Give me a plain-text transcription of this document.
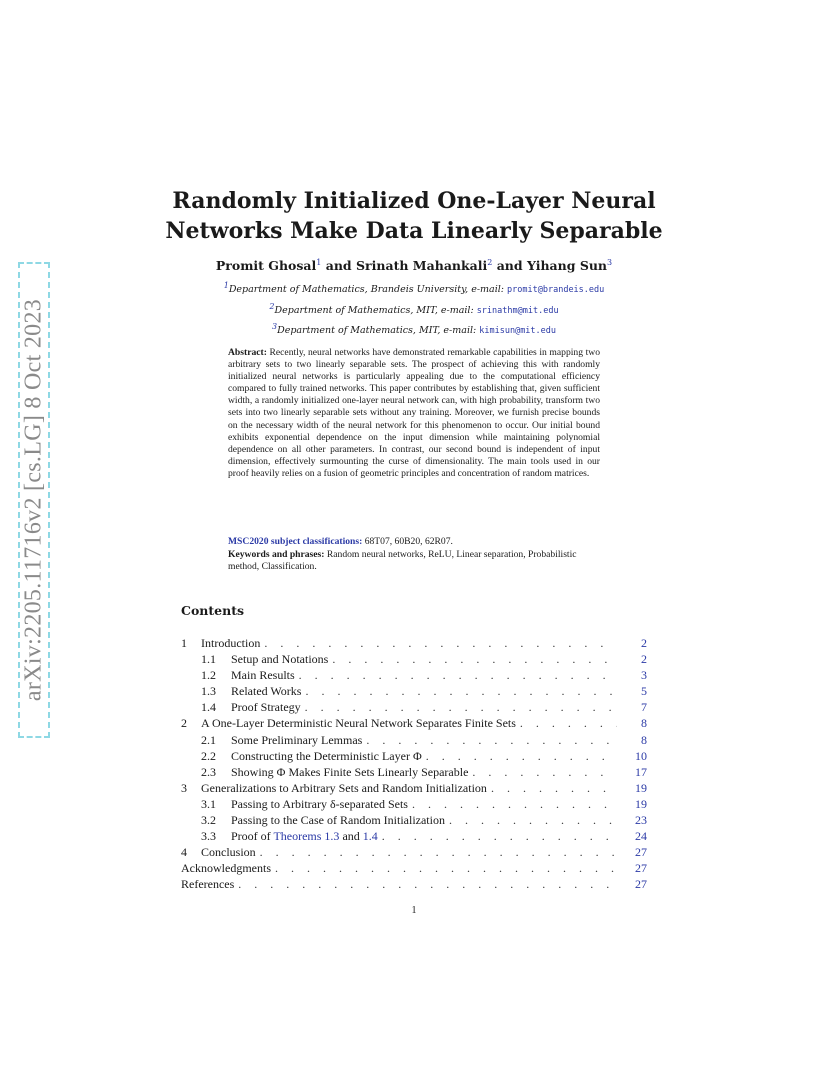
arXiv:2205.11716v2 [cs.LG] 8 Oct 2023
Randomly Initialized One-Layer Neural
Networks Make Data Linearly Separable
Promit Ghosal$^1$ and Srinath Mahankali$^2$ and Yihang Sun$^3$
$^1$Department of Mathematics, Brandeis University, e-mail: promit@brandeis.edu
$^2$Department of Mathematics, MIT, e-mail: srinathm@mit.edu
$^3$Department of Mathematics, MIT, e-mail: kimisun@mit.edu
Abstract: Recently, neural networks have demonstrated remarkable capabilities in mapping two arbitrary sets to two linearly separable sets. The prospect of achieving this with randomly initialized neural networks is particularly appealing due to the computational efficiency compared to fully trained networks. This paper contributes by establishing that, given sufficient width, a randomly initialized one-layer neural network can, with high probability, transform two sets into two linearly separable sets without any training. Moreover, we furnish precise bounds on the necessary width of the neural network for this phenomenon to occur. Our initial bound exhibits exponential dependence on the input dimension while maintaining polynomial dependence on all other parameters. In contrast, our second bound is independent of input dimension, effectively surmounting the curse of dimensionality. The main tools used in our proof heavily relies on a fusion of geometric principles and concentration of random matrices.
MSC2020 subject classifications: 68T07, 60B20, 62R07.
Keywords and phrases: Random neural networks, ReLU, Linear separation, Probabilistic method, Classification.
Contents
1	Introduction . . .	2
1.1	Setup and Notations . . .	2
1.2	Main Results . . .	3
1.3	Related Works . . .	5
1.4	Proof Strategy . . .	7
2	A One-Layer Deterministic Neural Network Separates Finite Sets . . .	8
2.1	Some Preliminary Lemmas . . .	8
2.2	Constructing the Deterministic Layer Φ . . .	10
2.3	Showing Φ Makes Finite Sets Linearly Separable . . .	17
3	Generalizations to Arbitrary Sets and Random Initialization . . .	19
3.1	Passing to Arbitrary δ-separated Sets . . .	19
3.2	Passing to the Case of Random Initialization . . .	23
3.3	Proof of Theorems 1.3 and 1.4 . . .	24
4	Conclusion . . .	27
Acknowledgments . . .	27
References . . .	27
1
